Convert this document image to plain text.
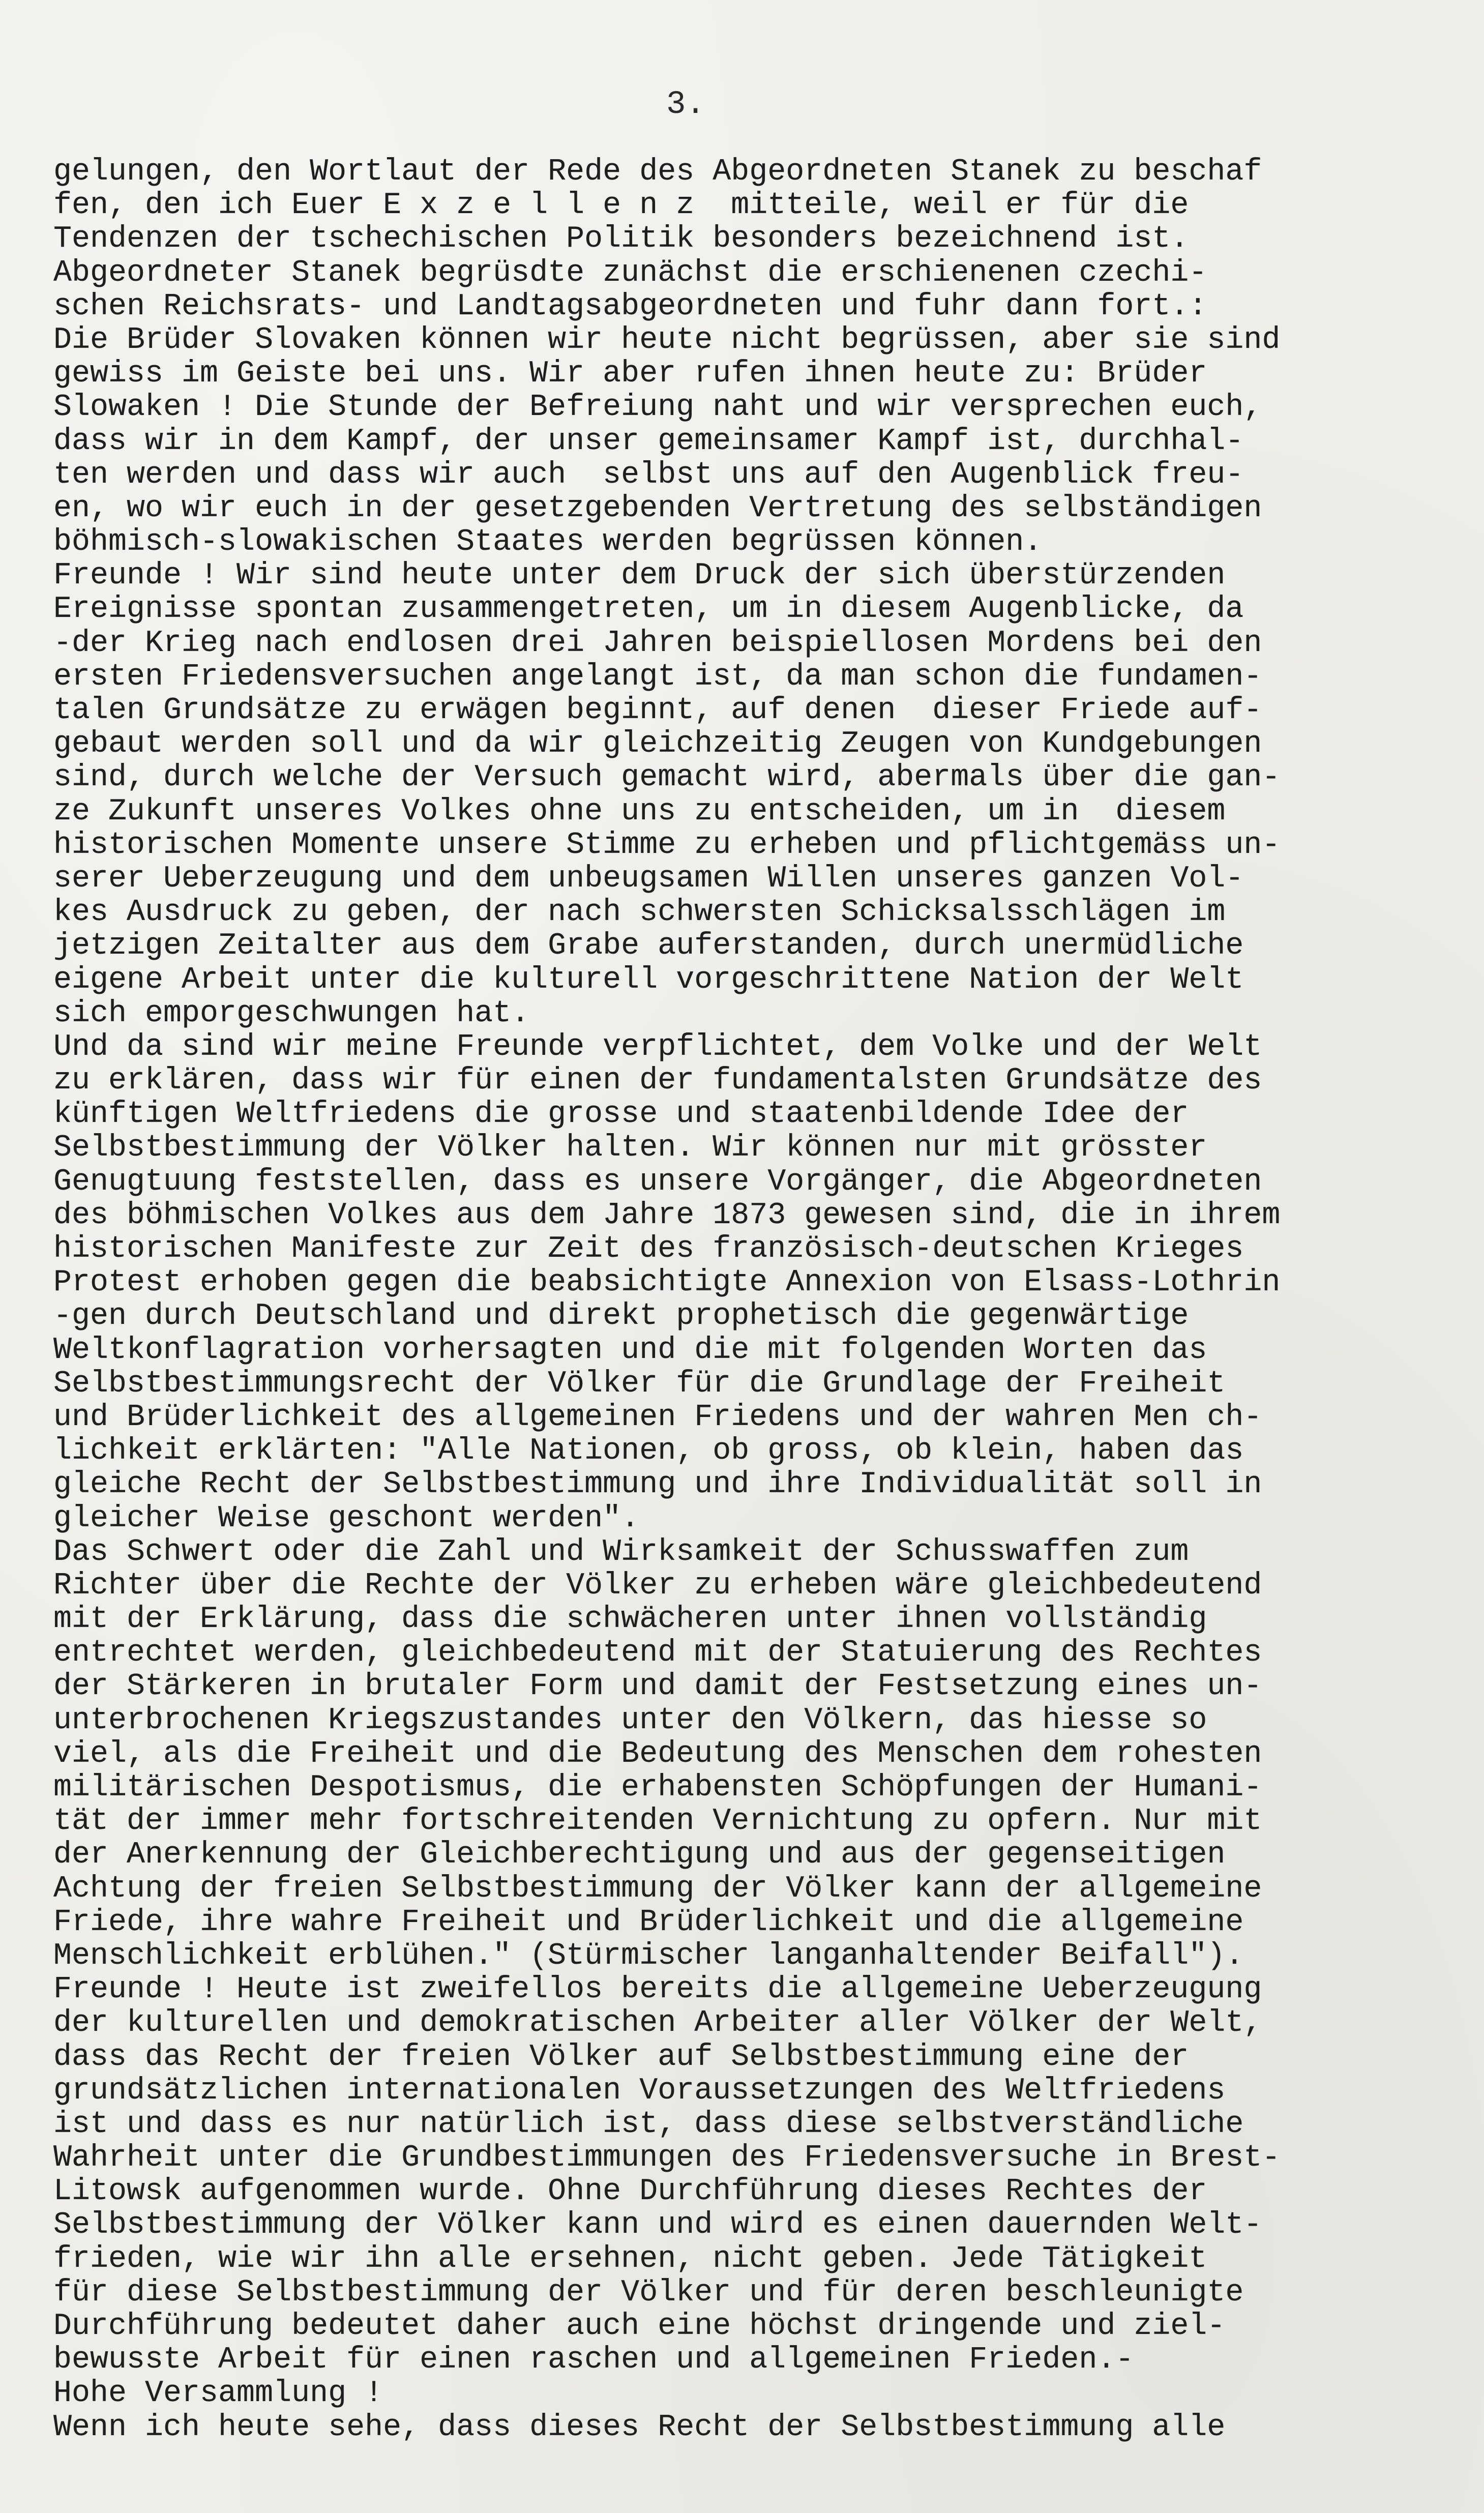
3.
gelungen, den Wortlaut der Rede des Abgeordneten Stanek zu beschaf
fen, den ich Euer E x z e l l e n z  mitteile, weil er für die
Tendenzen der tschechischen Politik besonders bezeichnend ist.
Abgeordneter Stanek begrüsdte zunächst die erschienenen czechi-
schen Reichsrats- und Landtagsabgeordneten und fuhr dann fort.:
Die Brüder Slovaken können wir heute nicht begrüssen, aber sie sind
gewiss im Geiste bei uns. Wir aber rufen ihnen heute zu: Brüder
Slowaken ! Die Stunde der Befreiung naht und wir versprechen euch,
dass wir in dem Kampf, der unser gemeinsamer Kampf ist, durchhal-
ten werden und dass wir auch  selbst uns auf den Augenblick freu-
en, wo wir euch in der gesetzgebenden Vertretung des selbständigen
böhmisch-slowakischen Staates werden begrüssen können.
Freunde ! Wir sind heute unter dem Druck der sich überstürzenden
Ereignisse spontan zusammengetreten, um in diesem Augenblicke, da
-der Krieg nach endlosen drei Jahren beispiellosen Mordens bei den
ersten Friedensversuchen angelangt ist, da man schon die fundamen-
talen Grundsätze zu erwägen beginnt, auf denen  dieser Friede auf-
gebaut werden soll und da wir gleichzeitig Zeugen von Kundgebungen
sind, durch welche der Versuch gemacht wird, abermals über die gan-
ze Zukunft unseres Volkes ohne uns zu entscheiden, um in  diesem
historischen Momente unsere Stimme zu erheben und pflichtgemäss un-
serer Ueberzeugung und dem unbeugsamen Willen unseres ganzen Vol-
kes Ausdruck zu geben, der nach schwersten Schicksalsschlägen im
jetzigen Zeitalter aus dem Grabe auferstanden, durch unermüdliche
eigene Arbeit unter die kulturell vorgeschrittene Nation der Welt
sich emporgeschwungen hat.
Und da sind wir meine Freunde verpflichtet, dem Volke und der Welt
zu erklären, dass wir für einen der fundamentalsten Grundsätze des
künftigen Weltfriedens die grosse und staatenbildende Idee der
Selbstbestimmung der Völker halten. Wir können nur mit grösster
Genugtuung feststellen, dass es unsere Vorgänger, die Abgeordneten
des böhmischen Volkes aus dem Jahre 1873 gewesen sind, die in ihrem
historischen Manifeste zur Zeit des französisch-deutschen Krieges
Protest erhoben gegen die beabsichtigte Annexion von Elsass-Lothrin
-gen durch Deutschland und direkt prophetisch die gegenwärtige
Weltkonflagration vorhersagten und die mit folgenden Worten das
Selbstbestimmungsrecht der Völker für die Grundlage der Freiheit
und Brüderlichkeit des allgemeinen Friedens und der wahren Men ch-
lichkeit erklärten: "Alle Nationen, ob gross, ob klein, haben das
gleiche Recht der Selbstbestimmung und ihre Individualität soll in
gleicher Weise geschont werden".
Das Schwert oder die Zahl und Wirksamkeit der Schusswaffen zum
Richter über die Rechte der Völker zu erheben wäre gleichbedeutend
mit der Erklärung, dass die schwächeren unter ihnen vollständig
entrechtet werden, gleichbedeutend mit der Statuierung des Rechtes
der Stärkeren in brutaler Form und damit der Festsetzung eines un-
unterbrochenen Kriegszustandes unter den Völkern, das hiesse so
viel, als die Freiheit und die Bedeutung des Menschen dem rohesten
militärischen Despotismus, die erhabensten Schöpfungen der Humani-
tät der immer mehr fortschreitenden Vernichtung zu opfern. Nur mit
der Anerkennung der Gleichberechtigung und aus der gegenseitigen
Achtung der freien Selbstbestimmung der Völker kann der allgemeine
Friede, ihre wahre Freiheit und Brüderlichkeit und die allgemeine
Menschlichkeit erblühen." (Stürmischer langanhaltender Beifall").
Freunde ! Heute ist zweifellos bereits die allgemeine Ueberzeugung
der kulturellen und demokratischen Arbeiter aller Völker der Welt,
dass das Recht der freien Völker auf Selbstbestimmung eine der
grundsätzlichen internationalen Voraussetzungen des Weltfriedens
ist und dass es nur natürlich ist, dass diese selbstverständliche
Wahrheit unter die Grundbestimmungen des Friedensversuche in Brest-
Litowsk aufgenommen wurde. Ohne Durchführung dieses Rechtes der
Selbstbestimmung der Völker kann und wird es einen dauernden Welt-
frieden, wie wir ihn alle ersehnen, nicht geben. Jede Tätigkeit
für diese Selbstbestimmung der Völker und für deren beschleunigte
Durchführung bedeutet daher auch eine höchst dringende und ziel-
bewusste Arbeit für einen raschen und allgemeinen Frieden.-
Hohe Versammlung !
Wenn ich heute sehe, dass dieses Recht der Selbstbestimmung alle
